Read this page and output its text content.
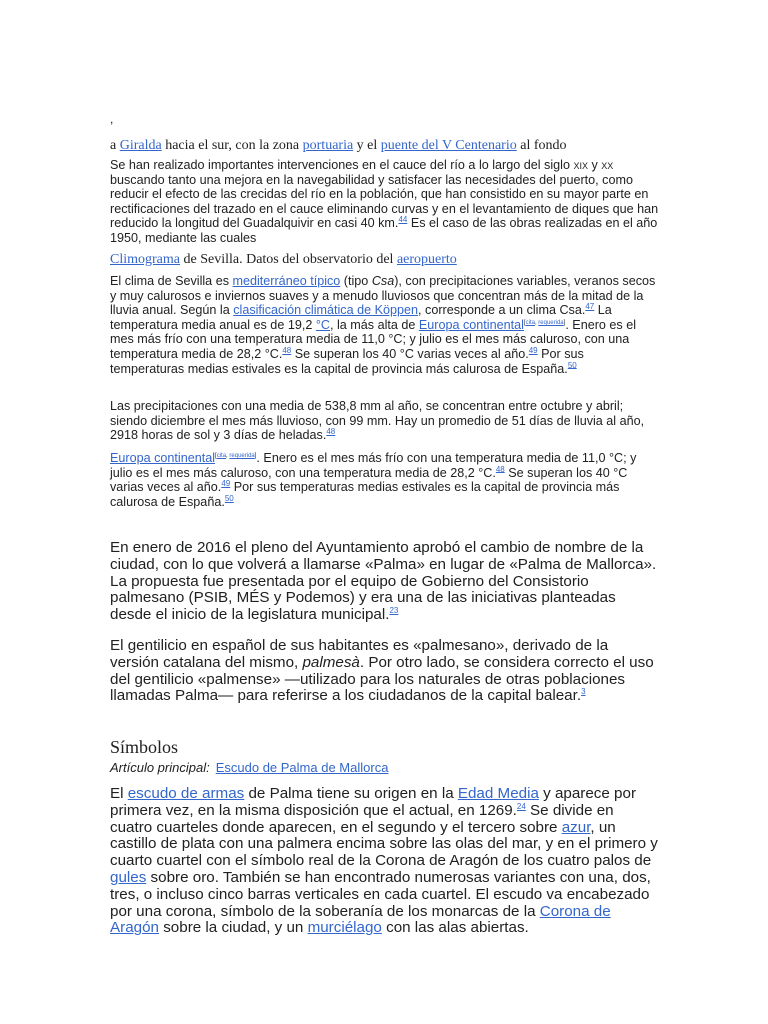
,

a Giralda hacia el sur, con la zona portuaria y el puente del V Centenario al fondo

Se han realizado importantes intervenciones en el cauce del río a lo largo del siglo xix y xx buscando tanto una mejora en la navegabilidad y satisfacer las necesidades del puerto, como reducir el efecto de las crecidas del río en la población, que han consistido en su mayor parte en rectificaciones del trazado en el cauce eliminando curvas y en el levantamiento de diques que han reducido la longitud del Guadalquivir en casi 40 km.$^{44}$ Es el caso de las obras realizadas en el año 1950, mediante las cuales

Climograma de Sevilla. Datos del observatorio del aeropuerto

El clima de Sevilla es mediterráneo típico (tipo Csa), con precipitaciones variables, veranos secos y muy calurosos e inviernos suaves y a menudo lluviosos que concentran más de la mitad de la lluvia anual. Según la clasificación climática de Köppen, corresponde a un clima Csa.$^{47}$ La temperatura media anual es de 19,2 °C, la más alta de Europa continental[cita, requerida]. Enero es el mes más frío con una temperatura media de 11,0 °C; y julio es el mes más caluroso, con una temperatura media de 28,2 °C.$^{48}$ Se superan los 40 °C varias veces al año.$^{49}$ Por sus temperaturas medias estivales es la capital de provincia más calurosa de España.$^{50}$

Las precipitaciones con una media de 538,8 mm al año, se concentran entre octubre y abril; siendo diciembre el mes más lluvioso, con 99 mm. Hay un promedio de 51 días de lluvia al año, 2918 horas de sol y 3 días de heladas.$^{48}$

Europa continental[cita, requerida]. Enero es el mes más frío con una temperatura media de 11,0 °C; y julio es el mes más caluroso, con una temperatura media de 28,2 °C.$^{48}$ Se superan los 40 °C varias veces al año.$^{49}$ Por sus temperaturas medias estivales es la capital de provincia más calurosa de España.$^{50}$

En enero de 2016 el pleno del Ayuntamiento aprobó el cambio de nombre de la ciudad, con lo que volverá a llamarse «Palma» en lugar de «Palma de Mallorca». La propuesta fue presentada por el equipo de Gobierno del Consistorio palmesano (PSIB, MÉS y Podemos) y era una de las iniciativas planteadas desde el inicio de la legislatura municipal.$^{23}$

El gentilicio en español de sus habitantes es «palmesano», derivado de la versión catalana del mismo, palmesà. Por otro lado, se considera correcto el uso del gentilicio «palmense» —utilizado para los naturales de otras poblaciones llamadas Palma— para referirse a los ciudadanos de la capital balear.$^3$

Símbolos

Artículo principal: Escudo de Palma de Mallorca

El escudo de armas de Palma tiene su origen en la Edad Media y aparece por primera vez, en la misma disposición que el actual, en 1269.24 Se divide en cuatro cuarteles donde aparecen, en el segundo y el tercero sobre azur, un castillo de plata con una palmera encima sobre las olas del mar, y en el primero y cuarto cuartel con el símbolo real de la Corona de Aragón de los cuatro palos de gules sobre oro. También se han encontrado numerosas variantes con una, dos, tres, o incluso cinco barras verticales en cada cuartel. El escudo va encabezado por una corona, símbolo de la soberanía de los monarcas de la Corona de Aragón sobre la ciudad, y un murciélago con las alas abiertas.
